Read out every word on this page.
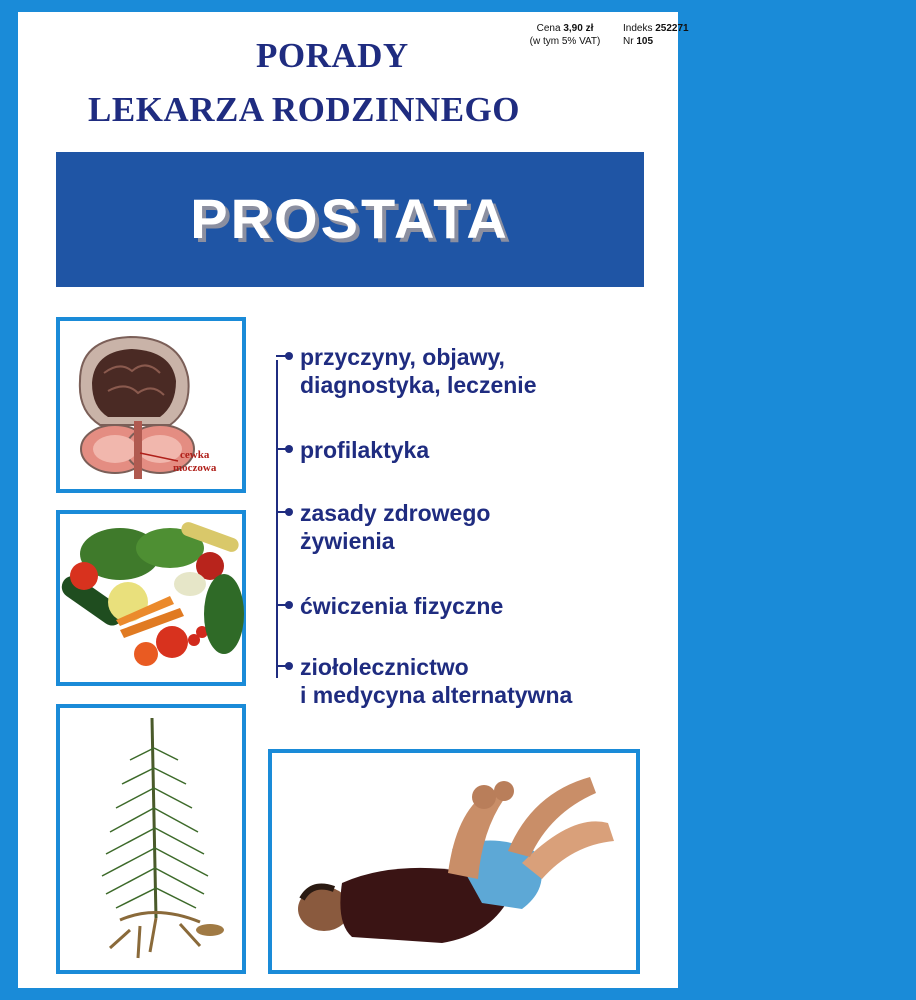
Cena 3,90 zł
(w tym 5% VAT)
Indeks 252271
Nr 105
PORADY
LEKARZA RODZINNEGO
PROSTATA
cewka
moczowa
przyczyny, objawy,
diagnostyka, leczenie
profilaktyka
zasady zdrowego
żywienia
ćwiczenia fizyczne
ziołolecznictwo
i medycyna alternatywna
